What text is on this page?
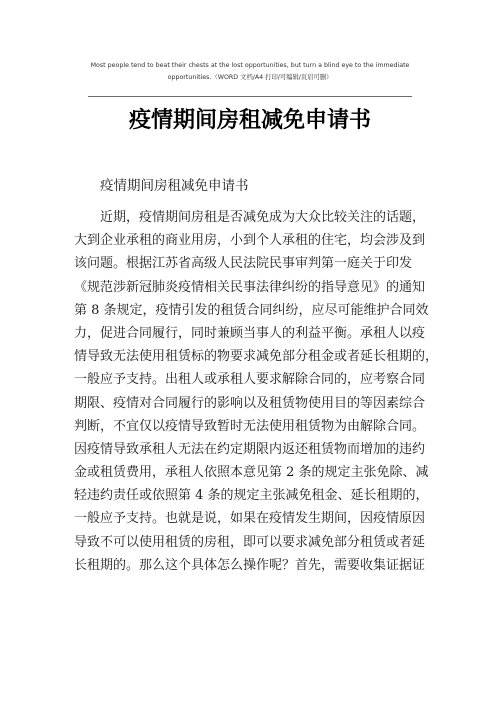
Most people tend to beat their chests at the lost opportunities, but turn a blind eye to the immediate
opportunities.（WORD 文档/A4 打印/可编辑/页眉可删）
疫情期间房租减免申请书
疫情期间房租减免申请书
近期，疫情期间房租是否减免成为大众比较关注的话题，
大到企业承租的商业用房，小到个人承租的住宅，均会涉及到
该问题。根据江苏省高级人民法院民事审判第一庭关于印发
《规范涉新冠肺炎疫情相关民事法律纠纷的指导意见》的通知
第 8 条规定，疫情引发的租赁合同纠纷，应尽可能维护合同效
力，促进合同履行，同时兼顾当事人的利益平衡。承租人以疫
情导致无法使用租赁标的物要求减免部分租金或者延长租期的，
一般应予支持。出租人或承租人要求解除合同的，应考察合同
期限、疫情对合同履行的影响以及租赁物使用目的等因素综合
判断，不宜仅以疫情导致暂时无法使用租赁物为由解除合同。
因疫情导致承租人无法在约定期限内返还租赁物而增加的违约
金或租赁费用，承租人依照本意见第 2 条的规定主张免除、减
轻违约责任或依照第 4 条的规定主张减免租金、延长租期的，
一般应予支持。也就是说，如果在疫情发生期间，因疫情原因
导致不可以使用租赁的房租，即可以要求减免部分租赁或者延
长租期的。那么这个具体怎么操作呢？首先，需要收集证据证
